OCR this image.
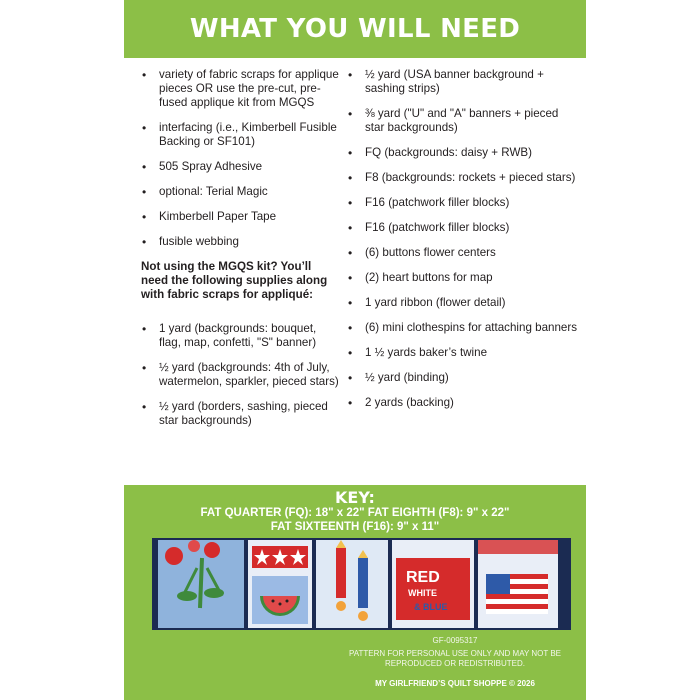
WHAT YOU WILL NEED
• variety of fabric scraps for applique pieces OR use the pre-cut, pre-fused applique kit from MGQS
• interfacing (i.e., Kimberbell Fusible Backing or SF101)
• 505 Spray Adhesive
• optional: Terial Magic
• Kimberbell Paper Tape
• fusible webbing
Not using the MGQS kit? You’ll need the following supplies along with fabric scraps for appliqué:
• 1 yard (backgrounds: bouquet, flag, map, confetti, "S" banner)
• ½ yard (backgrounds: 4th of July, watermelon, sparkler, pieced stars)
• ½ yard (borders, sashing, pieced star backgrounds)
• ½ yard (USA banner background + sashing strips)
• ⅜ yard ("U" and "A" banners + pieced star backgrounds)
• FQ (backgrounds: daisy + RWB)
• F8 (backgrounds: rockets + pieced stars)
• F16 (patchwork filler blocks)
• F16 (patchwork filler blocks)
• (6) buttons flower centers
• (2) heart buttons for map
• 1 yard ribbon (flower detail)
• (6) mini clothespins for attaching banners
• 1 ½ yards baker’s twine
• ½ yard (binding)
• 2 yards (backing)
KEY:
FAT QUARTER (FQ): 18" x 22" FAT EIGHTH (F8): 9" x 22"
FAT SIXTEENTH (F16): 9" x 11"
RED
WHITE
& BLUE
GF-0095317
PATTERN FOR PERSONAL USE ONLY AND MAY NOT BE REPRODUCED OR REDISTRIBUTED.
MY GIRLFRIEND’S QUILT SHOPPE © 2026
